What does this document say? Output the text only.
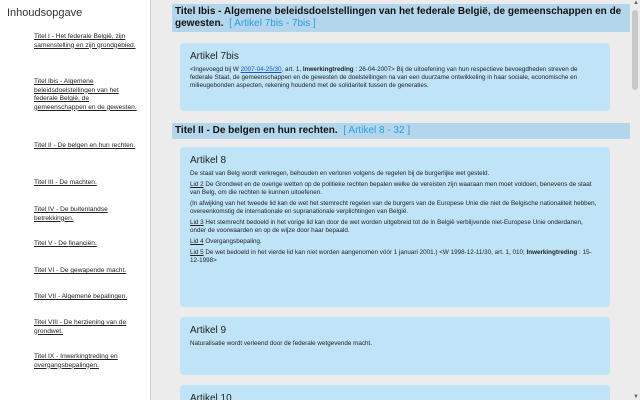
Inhoudsopgave
Titel I - Het federale België, zijn samenstelling en zijn grondgebied.
Titel Ibis - Algemene beleidsdoelstellingen van het federale België, de gemeenschappen en de gewesten.
Titel II - De belgen en hun rechten.
Titel III - De machten.
Titel IV - De buitenlandse betrekkingen.
Titel V - De financiën.
Titel VI - De gewapende macht.
Titel VII - Algemene bepalingen.
Titel VIII - De herziening van de grondwet.
Titel IX - Inwerkingtreding en overgangsbepalingen.
Titel Ibis - Algemene beleidsdoelstellingen van het federale België, de gemeenschappen en de gewesten. [ Artikel 7bis - 7bis ]
Artikel 7bis

<Ingevoegd bij W 2007-04-25/30, art. 1, Inwerkingtreding : 26-04-2007> Bij de uitoefening van hun respectieve bevoegdheden streven de federale Staat, de gemeenschappen en de gewesten de doelstellingen na van een duurzame ontwikkeling in haar sociale, economische en milieugebonden aspecten, rekening houdend met de solidariteit tussen de generaties.

Titel II - De belgen en hun rechten. [ Artikel 8 - 32 ]
Artikel 8

De staat van Belg wordt verkregen, behouden en verloren volgens de regelen bij de burgerlijke wet gesteld.

Lid 2 De Grondwet en de overige wetten op de politieke rechten bepalen welke de vereisten zijn waaraan men moet voldoen, benevens de staat van Belg, om die rechten te kunnen uitoefenen.

(In afwijking van het tweede lid kan de wet het stemrecht regelen van de burgers van de Europese Unie die niet de Belgische nationaliteit hebben, overeenkomstig de internationale en supranationale verplichtingen van België.

Lid 3 Het stemrecht bedoeld in het vorige lid kan door de wet worden uitgebreid tot de in België verblijvende niet-Europese Unie onderdanen, onder de voorwaarden en op de wijze door haar bepaald.

Lid 4 Overgangsbepaling.

Lid 5 De wet bedoeld in het vierde lid kan niet worden aangenomen vóór 1 januari 2001.) <W 1998-12-11/30, art. 1, 010; Inwerkingtreding : 15-12-1998>

Artikel 9

Naturalisatie wordt verleend door de federale wetgevende macht.

Artikel 10
▲
▼
